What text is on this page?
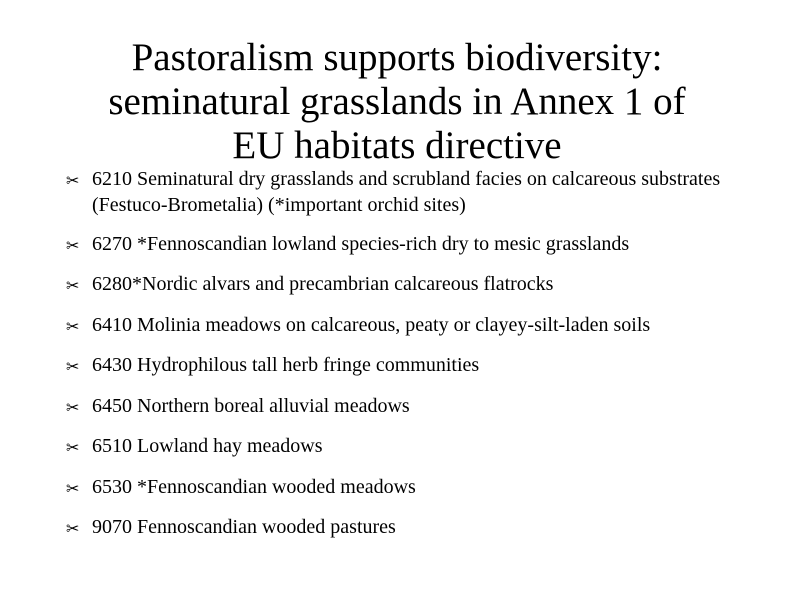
Pastoralism supports biodiversity:
seminatural grasslands in Annex 1 of
EU habitats directive
✂ 6210 Seminatural dry grasslands and scrubland facies on calcareous substrates (Festuco-Brometalia) (*important orchid sites)
✂ 6270 *Fennoscandian lowland species-rich dry to mesic grasslands
✂ 6280*Nordic alvars and precambrian calcareous flatrocks
✂ 6410 Molinia meadows on calcareous, peaty or clayey-silt-laden soils
✂ 6430 Hydrophilous tall herb fringe communities
✂ 6450 Northern boreal alluvial meadows
✂ 6510 Lowland hay meadows
✂ 6530 *Fennoscandian wooded meadows
✂ 9070 Fennoscandian wooded pastures
